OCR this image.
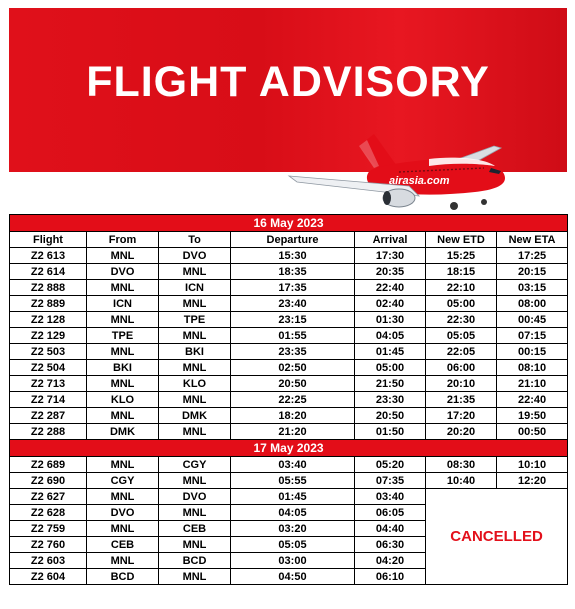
FLIGHT ADVISORY
airasia.com
16 May 2023						
Flight	From	To	Departure	Arrival	New ETD	New ETA
Z2 613	MNL	DVO	15:30	17:30	15:25	17:25
Z2 614	DVO	MNL	18:35	20:35	18:15	20:15
Z2 888	MNL	ICN	17:35	22:40	22:10	03:15
Z2 889	ICN	MNL	23:40	02:40	05:00	08:00
Z2 128	MNL	TPE	23:15	01:30	22:30	00:45
Z2 129	TPE	MNL	01:55	04:05	05:05	07:15
Z2 503	MNL	BKI	23:35	01:45	22:05	00:15
Z2 504	BKI	MNL	02:50	05:00	06:00	08:10
Z2 713	MNL	KLO	20:50	21:50	20:10	21:10
Z2 714	KLO	MNL	22:25	23:30	21:35	22:40
Z2 287	MNL	DMK	18:20	20:50	17:20	19:50
Z2 288	DMK	MNL	21:20	01:50	20:20	00:50
17 May 2023						
Z2 689	MNL	CGY	03:40	05:20	08:30	10:10
Z2 690	CGY	MNL	05:55	07:35	10:40	12:20
Z2 627	MNL	DVO	01:45	03:40	CANCELLED	
Z2 628	DVO	MNL	04:05	06:05		
Z2 759	MNL	CEB	03:20	04:40		
Z2 760	CEB	MNL	05:05	06:30		
Z2 603	MNL	BCD	03:00	04:20		
Z2 604	BCD	MNL	04:50	06:10		
